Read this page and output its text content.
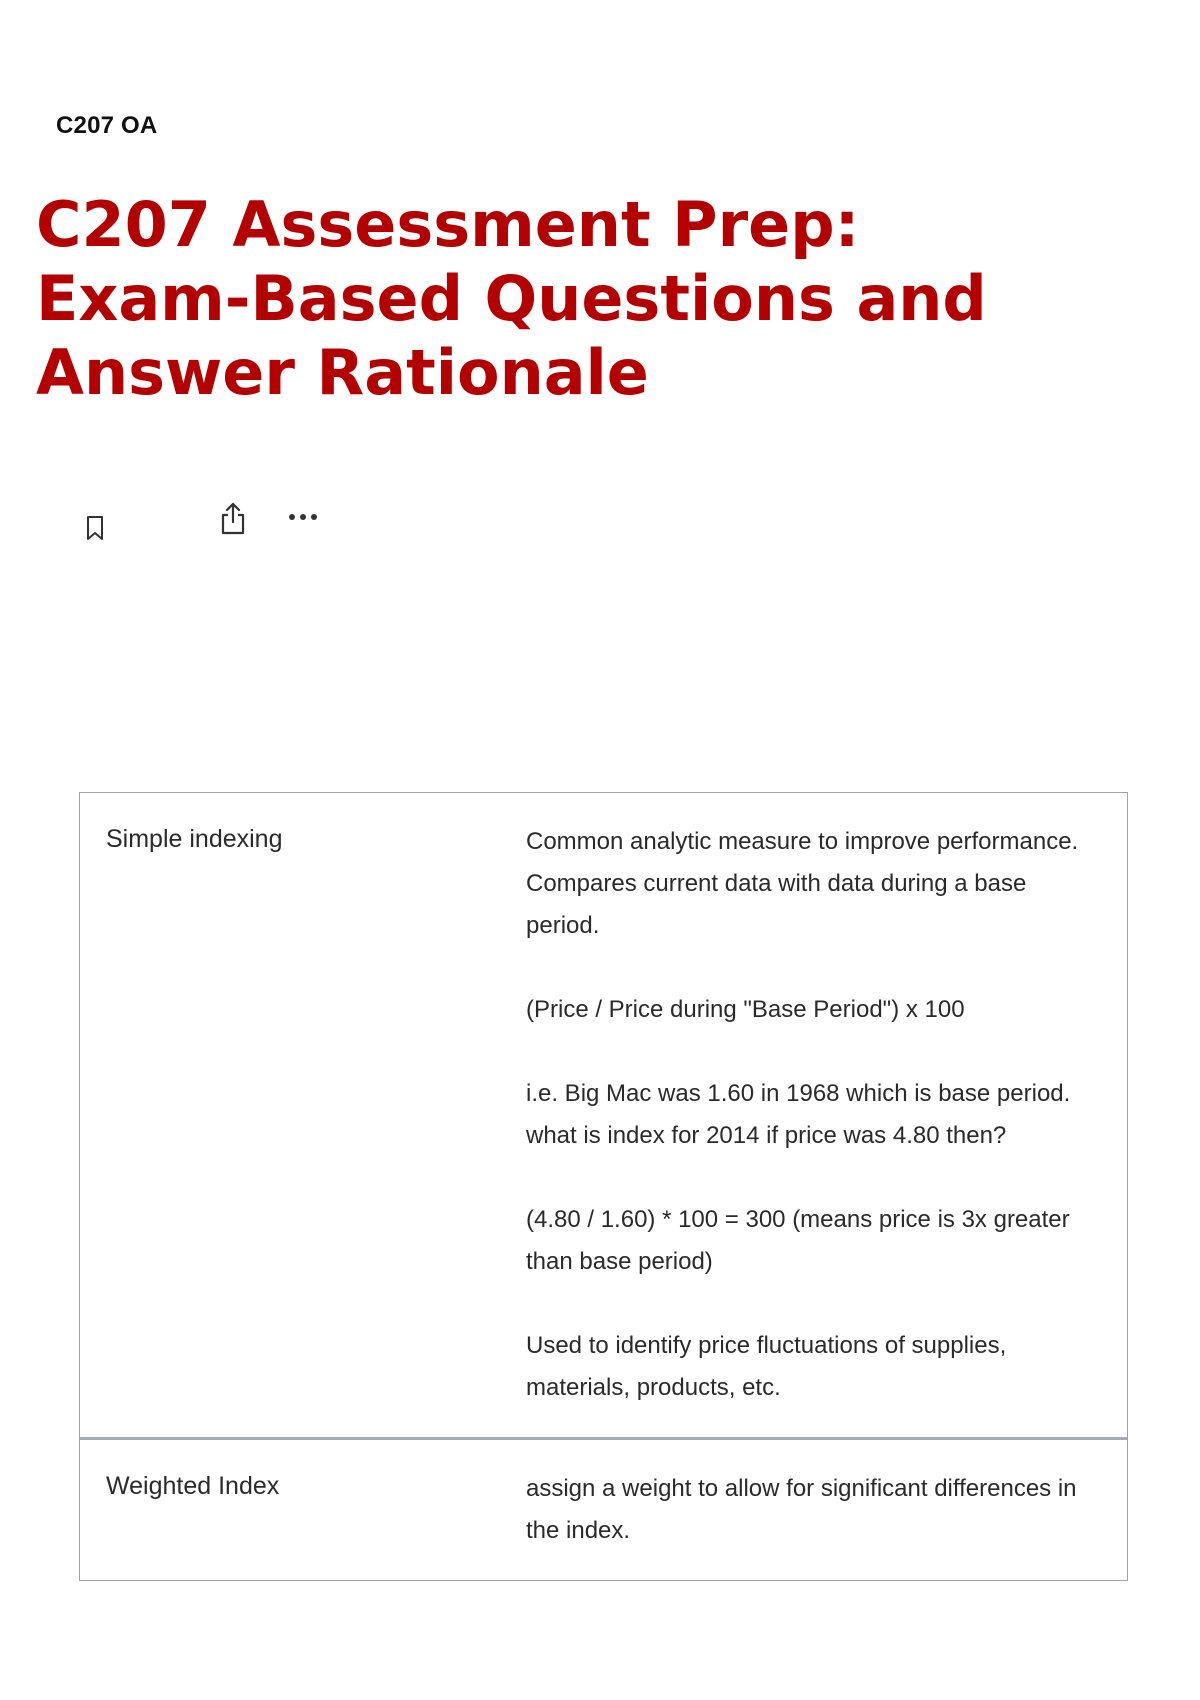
C207 OA
C207 Assessment Prep: Exam-Based Questions and Answer Rationale
Simple indexing	Common analytic measure to improve performance. Compares current data with data during a base period.

(Price / Price during "Base Period") x 100

i.e. Big Mac was 1.60 in 1968 which is base period. what is index for 2014 if price was 4.80 then?

(4.80 / 1.60) * 100 = 300 (means price is 3x greater than base period)

Used to identify price fluctuations of supplies, materials, products, etc.

Weighted Index	assign a weight to allow for significant differences in the index.
